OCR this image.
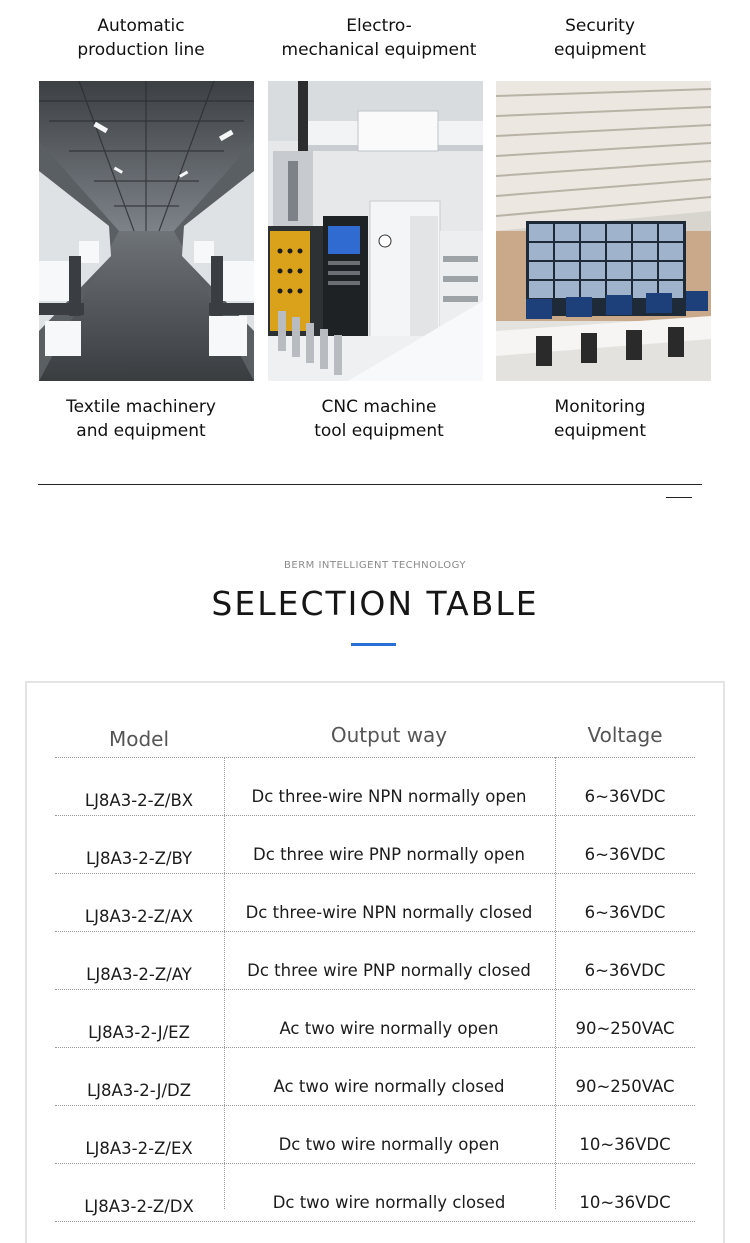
Automatic
production line
Electro-
mechanical equipment
Security
equipment
Textile machinery
and equipment
CNC machine
tool equipment
Monitoring
equipment
BERM INTELLIGENT TECHNOLOGY
SELECTION TABLE
Model	Output way	Voltage
LJ8A3-2-Z/BX	Dc three-wire NPN normally open	6~36VDC
LJ8A3-2-Z/BY	Dc three wire PNP normally open	6~36VDC
LJ8A3-2-Z/AX	Dc three-wire NPN normally closed	6~36VDC
LJ8A3-2-Z/AY	Dc three wire PNP normally closed	6~36VDC
LJ8A3-2-J/EZ	Ac two wire normally open	90~250VAC
LJ8A3-2-J/DZ	Ac two wire normally closed	90~250VAC
LJ8A3-2-Z/EX	Dc two wire normally open	10~36VDC
LJ8A3-2-Z/DX	Dc two wire normally closed	10~36VDC
